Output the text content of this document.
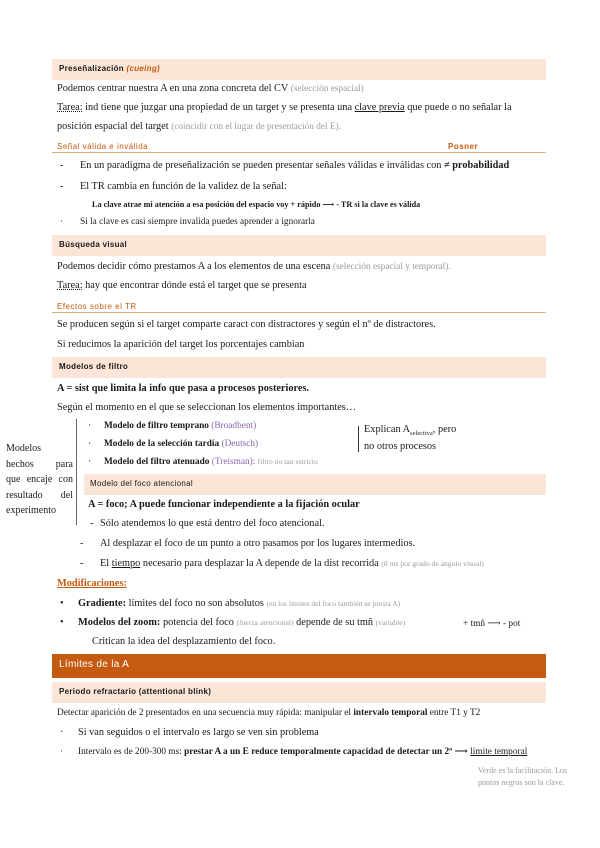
Preseñalización (cueing)
Podemos centrar nuestra A en una zona concreta del CV (selección espacial)
Tarea: ind tiene que juzgar una propiedad de un target y se presenta una clave previa que puede o no señalar la
posición espacial del target (coincidir con el lugar de presentación del E).
Señal válida e inválida	Posner
- En un paradigma de preseñalización se pueden presentar señales válidas e inválidas con ≠ probabilidad
- El TR cambia en función de la validez de la señal:
La clave atrae mi atención a esa posición del espacio voy + rápido ⟶ - TR si la clave es válida
· Si la clave es casi siempre invalida puedes aprender a ignorarla
Búsqueda visual
Podemos decidir cómo prestamos A a los elementos de una escena (selección espacial y temporal).
Tarea: hay que encontrar dónde está el target que se presenta
Efectos sobre el TR
Se producen según si el target comparte caract con distractores y según el nº de distractores.
Si reducimos la aparición del target los porcentajes cambian
Modelos de filtro
A = sist que limita la info que pasa a procesos posteriores.
Según el momento en el que se seleccionan los elementos importantes…
· Modelo de filtro temprano (Broadbent)
· Modelo de la selección tardía (Deutsch)
· Modelo del filtro atenuado (Treisman): filtro no tan estricto
Explican $A_{selectiva}$, pero
no otros procesos
Modelos
hechos para
que encaje con
resultado del
experimento
Modelo del foco atencional
A = foco; A puede funcionar independiente a la fijación ocular
- Sólo atendemos lo que está dentro del foco atencional.
- Al desplazar el foco de un punto a otro pasamos por los lugares intermedios.
- El tiempo necesario para desplazar la A depende de la dist recorrida (8 ms por grado de ángulo visual)
Modificaciones:
• Gradiente: límites del foco no son absolutos (en los límites del foco también se presta A)
• Modelos del zoom: potencia del foco (fuerza atencional) depende de su tmñ (variable)	+ tmñ ⟶ - pot
Critican la idea del desplazamiento del foco.
Límites de la A
Periodo refractario (attentional blink)
Detectar aparición de 2 presentados en una secuencia muy rápida: manipular el intervalo temporal entre T1 y T2
· Si van seguidos o el intervalo es largo se ven sin problema
· Intervalo es de 200-300 ms: prestar A a un E reduce temporalmente capacidad de detectar un 2º ⟶ límite temporal
Verde es la facilitación. Los
puntos negros son la clave.
